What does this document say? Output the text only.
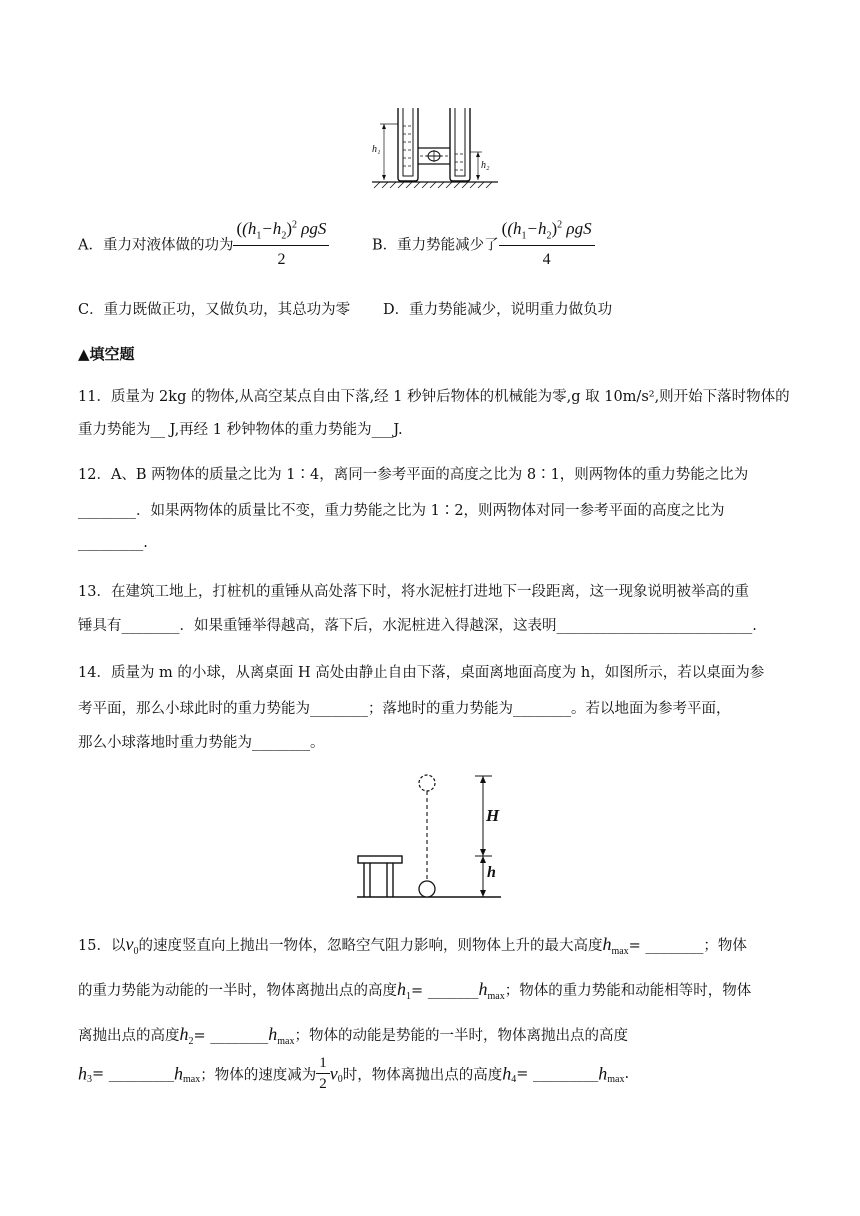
h₁
h₂
A．重力对液体做的功为 $\frac{((h_1-h_2)^2 \rho gS}{2}$	B．重力势能减少了 $\frac{((h_1-h_2)^2 \rho gS}{4}$
C．重力既做正功，又做负功，其总功为零 D．重力势能减少，说明重力做负功
▲填空题
11．质量为 2kg 的物体,从高空某点自由下落,经 1 秒钟后物体的机械能为零,g 取 10m/s²,则开始下落时物体的
重力势能为__ J,再经 1 秒钟物体的重力势能为___J.
12．A、B 两物体的质量之比为 1∶4，离同一参考平面的高度之比为 8∶1，则两物体的重力势能之比为
________．如果两物体的质量比不变，重力势能之比为 1∶2，则两物体对同一参考平面的高度之比为
_________.
13．在建筑工地上，打桩机的重锤从高处落下时，将水泥桩打进地下一段距离，这一现象说明被举高的重
锤具有________．如果重锤举得越高，落下后，水泥桩进入得越深，这表明___________________________.
14．质量为 m 的小球，从离桌面 H 高处由静止自由下落，桌面离地面高度为 h，如图所示，若以桌面为参
考平面，那么小球此时的重力势能为________；落地时的重力势能为________。若以地面为参考平面，
那么小球落地时重力势能为________。
H
h
15．以$v_0$的速度竖直向上抛出一物体，忽略空气阻力影响，则物体上升的最大高度$h_{max}=$ ________；物体
的重力势能为动能的一半时，物体离抛出点的高度$h_1=$ $\_\_\_\_\_\_\_h_{max}$；物体的重力势能和动能相等时，物体
离抛出点的高度$h_2=$ $\_\_\_\_\_\_\_\_h_{max}$；物体的动能是势能的一半时，物体离抛出点的高度
$h_3=$ $\_\_\_\_\_\_\_\_\_h_{max}$；物体的速度减为 $\frac{1}{2} v_0$时，物体离抛出点的高度$h_4=$ $\_\_\_\_\_\_\_\_\_h_{max}$.
